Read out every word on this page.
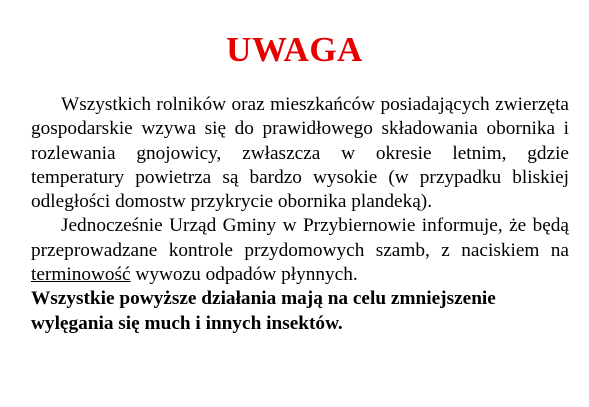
UWAGA

Wszystkich rolników oraz mieszkańców posiadających zwierzęta gospodarskie wzywa się do prawidłowego składowania obornika i rozlewania gnojowicy, zwłaszcza w okresie letnim, gdzie temperatury powietrza są bardzo wysokie (w przypadku bliskiej odległości domostw przykrycie obornika plandeką).

Jednocześnie Urząd Gminy w Przybiernowie informuje, że będą przeprowadzane kontrole przydomowych szamb, z naciskiem na terminowość wywozu odpadów płynnych.

Wszystkie powyższe działania mają na celu zmniejszenie wylęgania się much i innych insektów.
